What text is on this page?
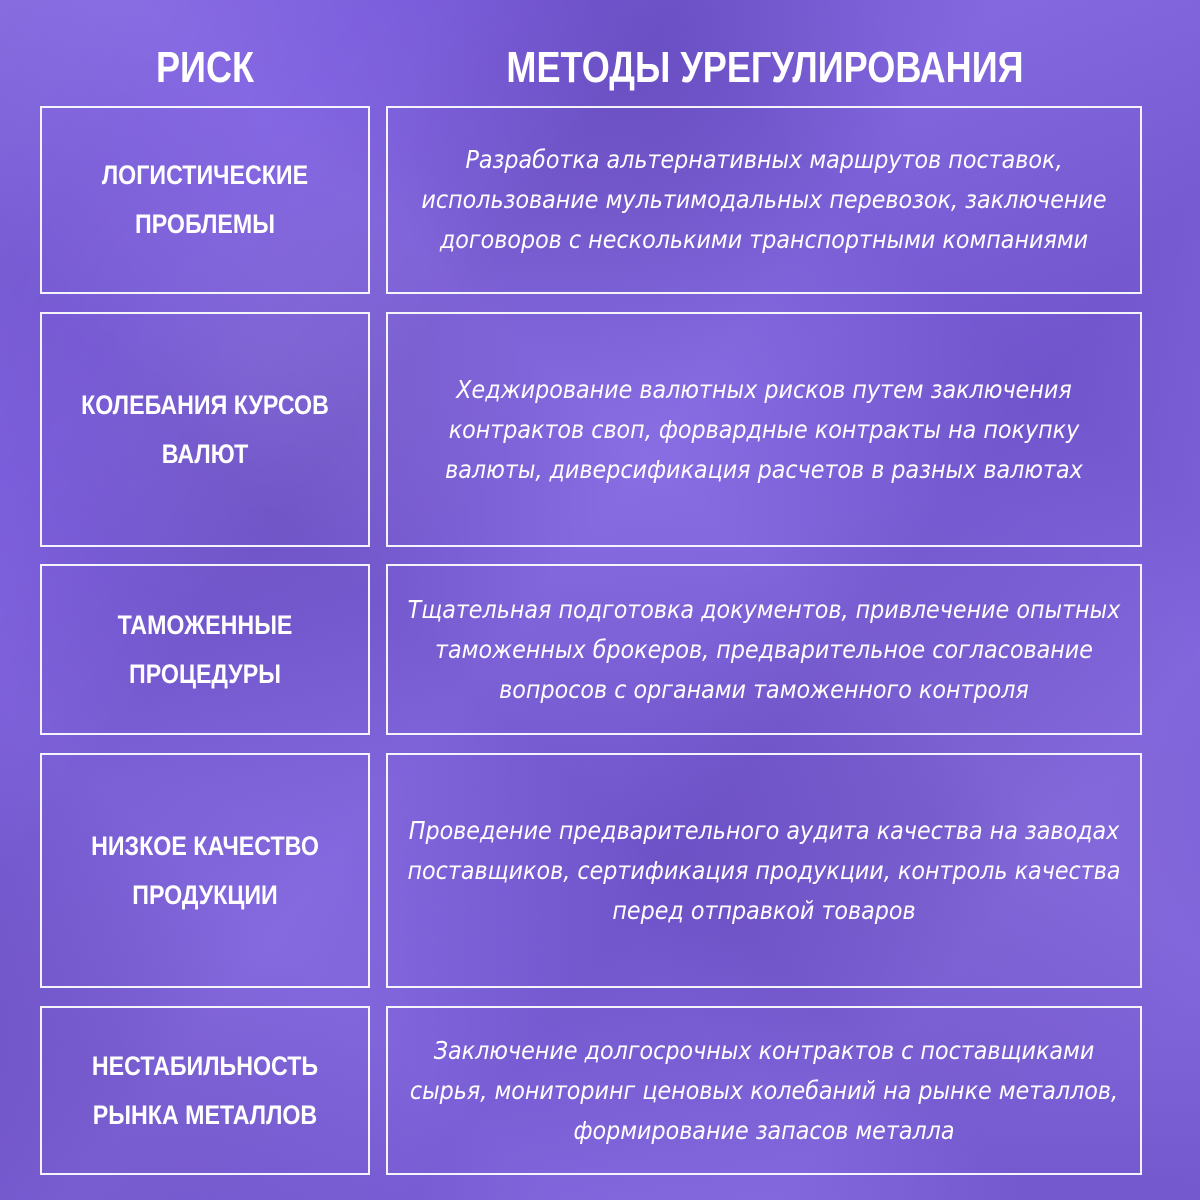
РИСК	МЕТОДЫ УРЕГУЛИРОВАНИЯ
ЛОГИСТИЧЕСКИЕ ПРОБЛЕМЫ
Разработка альтернативных маршрутов поставок, использование мультимодальных перевозок, заключение договоров с несколькими транспортными компаниями
КОЛЕБАНИЯ КУРСОВ ВАЛЮТ
Хеджирование валютных рисков путем заключения контрактов своп, форвардные контракты на покупку валюты, диверсификация расчетов в разных валютах
ТАМОЖЕННЫЕ ПРОЦЕДУРЫ
Тщательная подготовка документов, привлечение опытных таможенных брокеров, предварительное согласование вопросов с органами таможенного контроля
НИЗКОЕ КАЧЕСТВО ПРОДУКЦИИ
Проведение предварительного аудита качества на заводах поставщиков, сертификация продукции, контроль качества перед отправкой товаров
НЕСТАБИЛЬНОСТЬ РЫНКА МЕТАЛЛОВ
Заключение долгосрочных контрактов с поставщиками сырья, мониторинг ценовых колебаний на рынке металлов, формирование запасов металла
